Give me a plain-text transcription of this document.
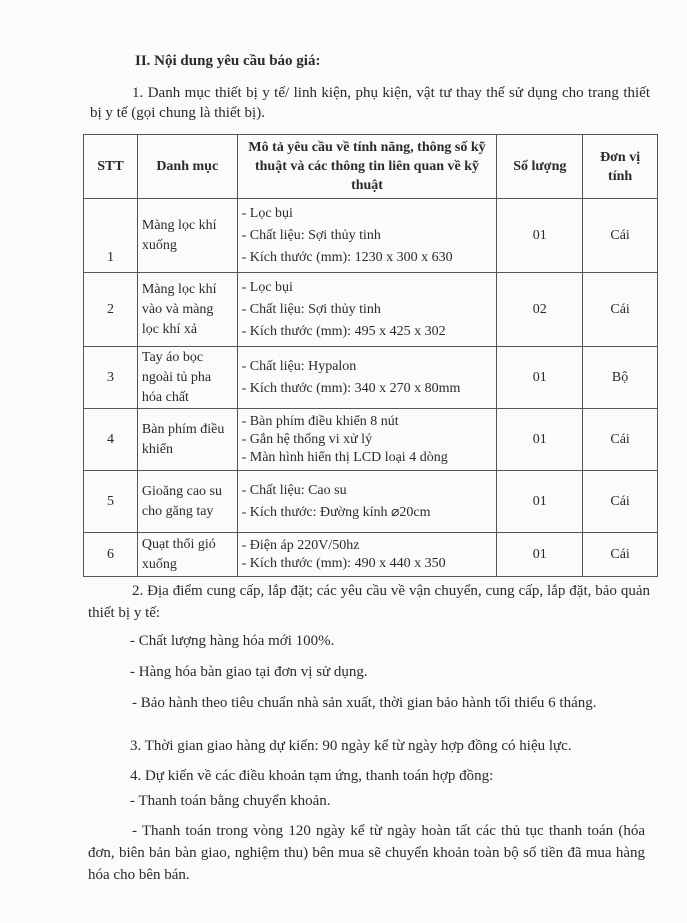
II. Nội dung yêu cầu báo giá:
1. Danh mục thiết bị y tế/ linh kiện, phụ kiện, vật tư thay thế sử dụng cho trang thiết bị y tế (gọi chung là thiết bị).
STT	Danh mục	Mô tả yêu cầu về tính năng, thông số kỹ thuật và các thông tin liên quan về kỹ thuật	Số lượng	Đơn vị tính
1	Màng lọc khí xuống	- Lọc bụi
- Chất liệu: Sợi thủy tinh
- Kích thước (mm): 1230 x 300 x 630	01	Cái
2	Màng lọc khí vào và màng lọc khí xả	- Lọc bụi
- Chất liệu: Sợi thủy tinh
- Kích thước (mm): 495 x 425 x 302	02	Cái
3	Tay áo bọc ngoài tủ pha hóa chất	- Chất liệu: Hypalon
- Kích thước (mm): 340 x 270 x 80mm	01	Bộ
4	Bàn phím điều khiển	- Bàn phím điều khiển 8 nút
- Gắn hệ thống vi xử lý
- Màn hình hiển thị LCD loại 4 dòng	01	Cái
5	Gioăng cao su cho găng tay	- Chất liệu: Cao su
- Kích thước: Đường kính ⌀20cm	01	Cái
6	Quạt thổi gió xuống	- Điện áp 220V/50hz
- Kích thước (mm): 490 x 440 x 350	01	Cái
2. Địa điểm cung cấp, lắp đặt; các yêu cầu về vận chuyển, cung cấp, lắp đặt, bảo quản thiết bị y tế:
- Chất lượng hàng hóa mới 100%.
- Hàng hóa bàn giao tại đơn vị sử dụng.
- Bảo hành theo tiêu chuẩn nhà sản xuất, thời gian bảo hành tối thiểu 6 tháng.
3. Thời gian giao hàng dự kiến: 90 ngày kể từ ngày hợp đồng có hiệu lực.
4. Dự kiến về các điều khoản tạm ứng, thanh toán hợp đồng:
- Thanh toán bằng chuyển khoản.
- Thanh toán trong vòng 120 ngày kể từ ngày hoàn tất các thủ tục thanh toán (hóa đơn, biên bản bàn giao, nghiệm thu) bên mua sẽ chuyển khoản toàn bộ số tiền đã mua hàng hóa cho bên bán.
